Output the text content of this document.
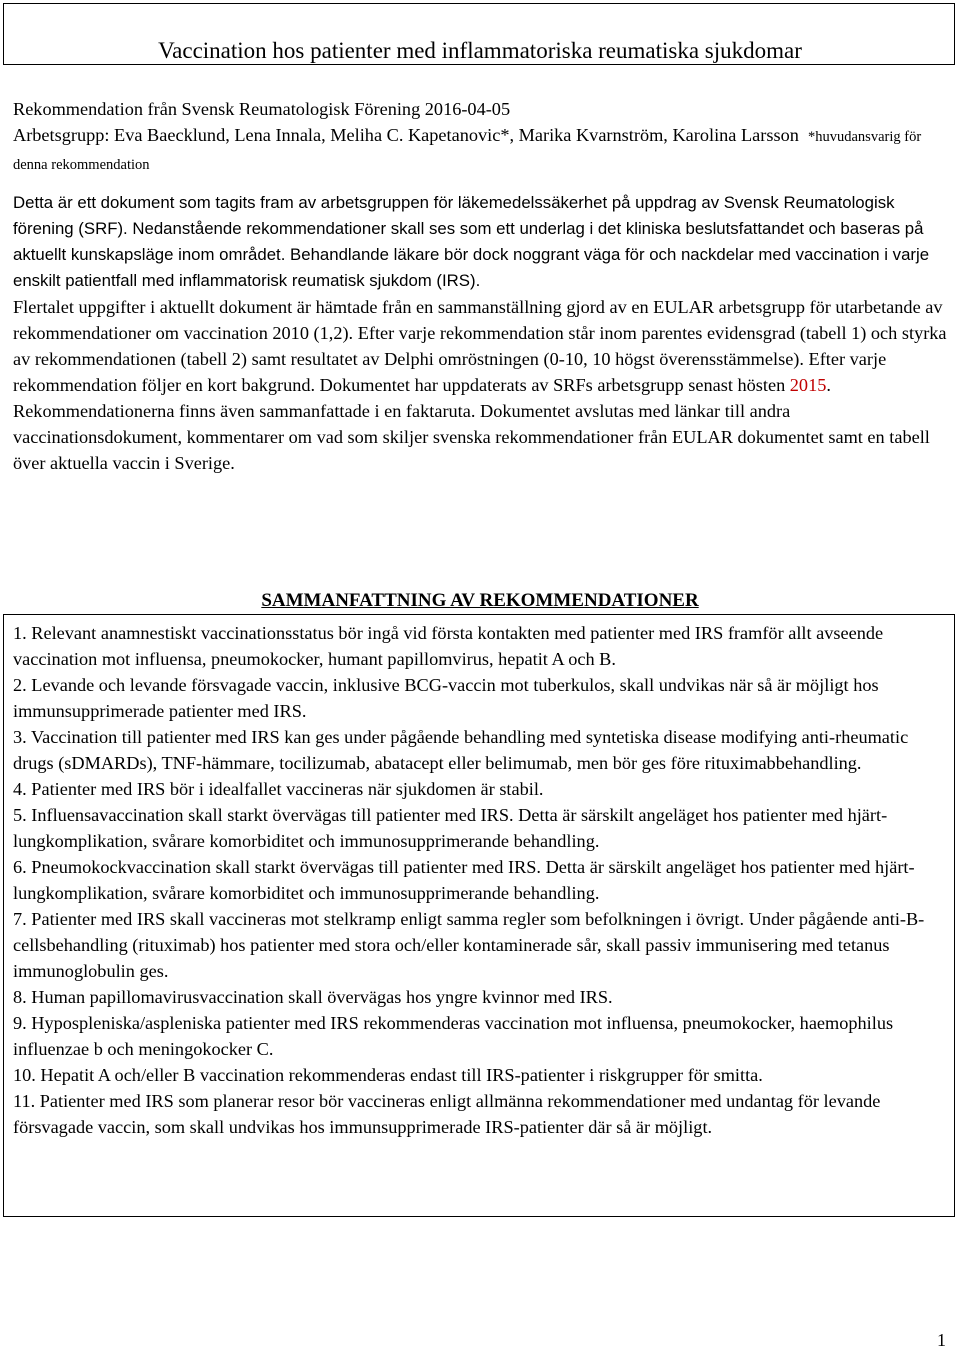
Vaccination hos patienter med inflammatoriska reumatiska sjukdomar

Rekommendation från Svensk Reumatologisk Förening 2016-04-05

Arbetsgrupp: Eva Baecklund, Lena Innala, Meliha C. Kapetanovic*, Marika Kvarnström, Karolina Larsson *huvudansvarig för denna rekommendation

Detta är ett dokument som tagits fram av arbetsgruppen för läkemedelssäkerhet på uppdrag av Svensk Reumatologisk förening (SRF). Nedanstående rekommendationer skall ses som ett underlag i det kliniska beslutsfattandet och baseras på aktuellt kunskapsläge inom området. Behandlande läkare bör dock noggrant väga för och nackdelar med vaccination i varje enskilt patientfall med inflammatorisk reumatisk sjukdom (IRS).

Flertalet uppgifter i aktuellt dokument är hämtade från en sammanställning gjord av en EULAR arbetsgrupp för utarbetande av rekommendationer om vaccination 2010 (1,2). Efter varje rekommendation står inom parentes evidensgrad (tabell 1) och styrka av rekommendationen (tabell 2) samt resultatet av Delphi omröstningen (0-10, 10 högst överensstämmelse). Efter varje rekommendation följer en kort bakgrund. Dokumentet har uppdaterats av SRFs arbetsgrupp senast hösten 2015.

Rekommendationerna finns även sammanfattade i en faktaruta. Dokumentet avslutas med länkar till andra vaccinationsdokument, kommentarer om vad som skiljer svenska rekommendationer från EULAR dokumentet samt en tabell över aktuella vaccin i Sverige.

SAMMANFATTNING AV REKOMMENDATIONER

1. Relevant anamnestiskt vaccinationsstatus bör ingå vid första kontakten med patienter med IRS framför allt avseende vaccination mot influensa, pneumokocker, humant papillomvirus, hepatit A och B.

2. Levande och levande försvagade vaccin, inklusive BCG-vaccin mot tuberkulos, skall undvikas när så är möjligt hos immunsupprimerade patienter med IRS.

3. Vaccination till patienter med IRS kan ges under pågående behandling med syntetiska disease modifying anti-rheumatic drugs (sDMARDs), TNF-hämmare, tocilizumab, abatacept eller belimumab, men bör ges före rituximabbehandling.

4. Patienter med IRS bör i idealfallet vaccineras när sjukdomen är stabil.

5. Influensavaccination skall starkt övervägas till patienter med IRS. Detta är särskilt angeläget hos patienter med hjärt-lungkomplikation, svårare komorbiditet och immunosupprimerande behandling.

6. Pneumokockvaccination skall starkt övervägas till patienter med IRS. Detta är särskilt angeläget hos patienter med hjärt-lungkomplikation, svårare komorbiditet och immunosupprimerande behandling.

7. Patienter med IRS skall vaccineras mot stelkramp enligt samma regler som befolkningen i övrigt. Under pågående anti-B-cellsbehandling (rituximab) hos patienter med stora och/eller kontaminerade sår, skall passiv immunisering med tetanus immunoglobulin ges.

8. Human papillomavirusvaccination skall övervägas hos yngre kvinnor med IRS.

9. Hypospleniska/aspleniska patienter med IRS rekommenderas vaccination mot influensa, pneumokocker, haemophilus influenzae b och meningokocker C.

10. Hepatit A och/eller B vaccination rekommenderas endast till IRS-patienter i riskgrupper för smitta.

11. Patienter med IRS som planerar resor bör vaccineras enligt allmänna rekommendationer med undantag för levande försvagade vaccin, som skall undvikas hos immunsupprimerade IRS-patienter där så är möjligt.

1
